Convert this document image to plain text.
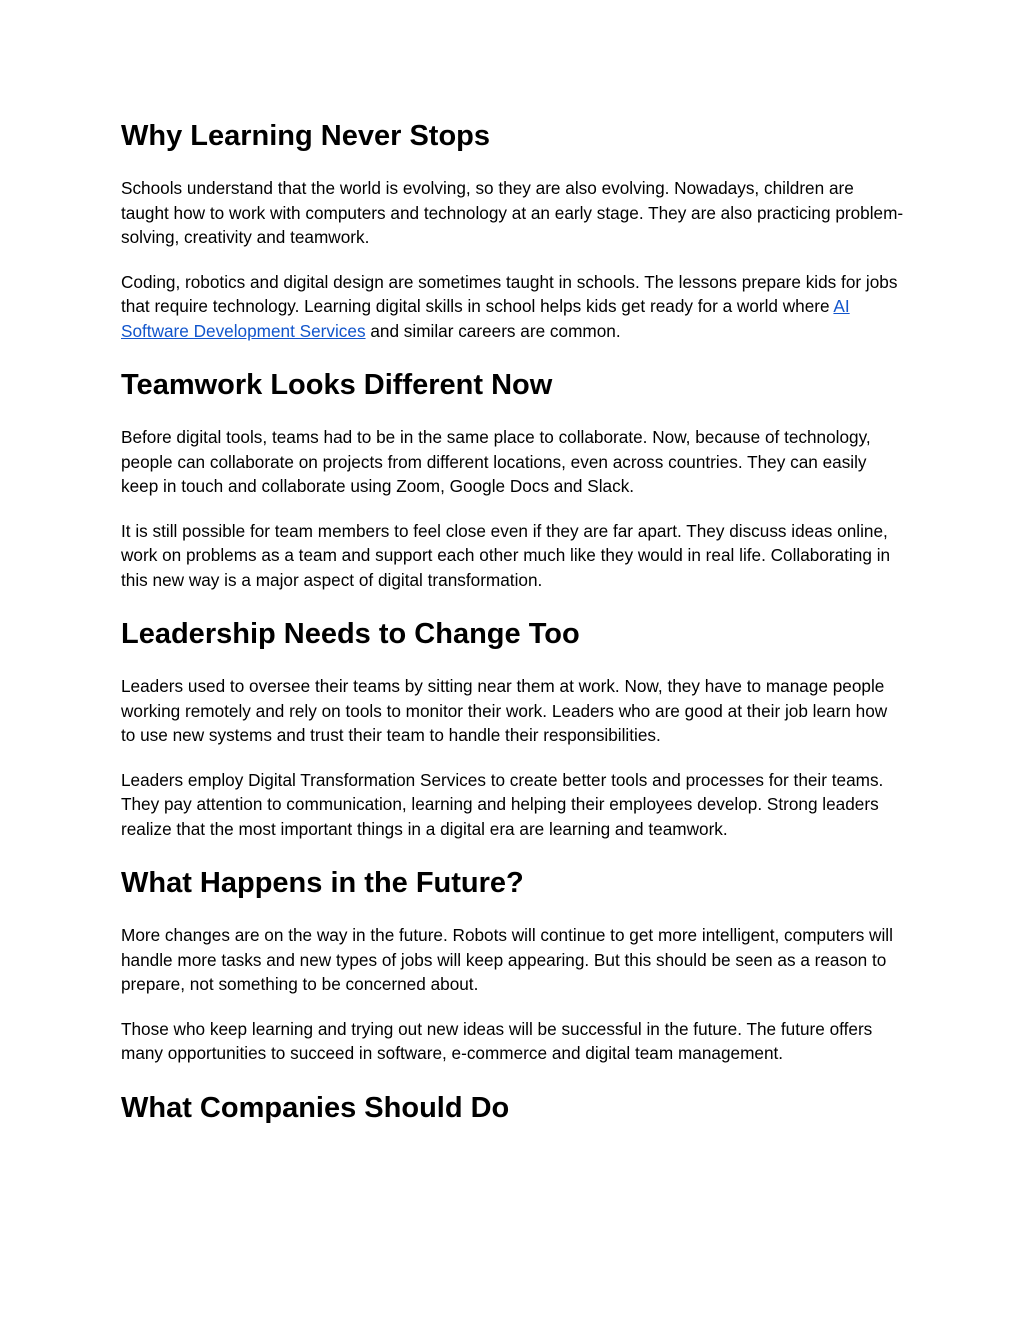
Why Learning Never Stops

Schools understand that the world is evolving, so they are also evolving. Nowadays, children are taught how to work with computers and technology at an early stage. They are also practicing problem-solving, creativity and teamwork.

Coding, robotics and digital design are sometimes taught in schools. The lessons prepare kids for jobs that require technology. Learning digital skills in school helps kids get ready for a world where AI Software Development Services and similar careers are common.

Teamwork Looks Different Now

Before digital tools, teams had to be in the same place to collaborate. Now, because of technology, people can collaborate on projects from different locations, even across countries. They can easily keep in touch and collaborate using Zoom, Google Docs and Slack.

It is still possible for team members to feel close even if they are far apart. They discuss ideas online, work on problems as a team and support each other much like they would in real life. Collaborating in this new way is a major aspect of digital transformation.

Leadership Needs to Change Too

Leaders used to oversee their teams by sitting near them at work. Now, they have to manage people working remotely and rely on tools to monitor their work. Leaders who are good at their job learn how to use new systems and trust their team to handle their responsibilities.

Leaders employ Digital Transformation Services to create better tools and processes for their teams. They pay attention to communication, learning and helping their employees develop. Strong leaders realize that the most important things in a digital era are learning and teamwork.

What Happens in the Future?

More changes are on the way in the future. Robots will continue to get more intelligent, computers will handle more tasks and new types of jobs will keep appearing. But this should be seen as a reason to prepare, not something to be concerned about.

Those who keep learning and trying out new ideas will be successful in the future. The future offers many opportunities to succeed in software, e-commerce and digital team management.

What Companies Should Do
